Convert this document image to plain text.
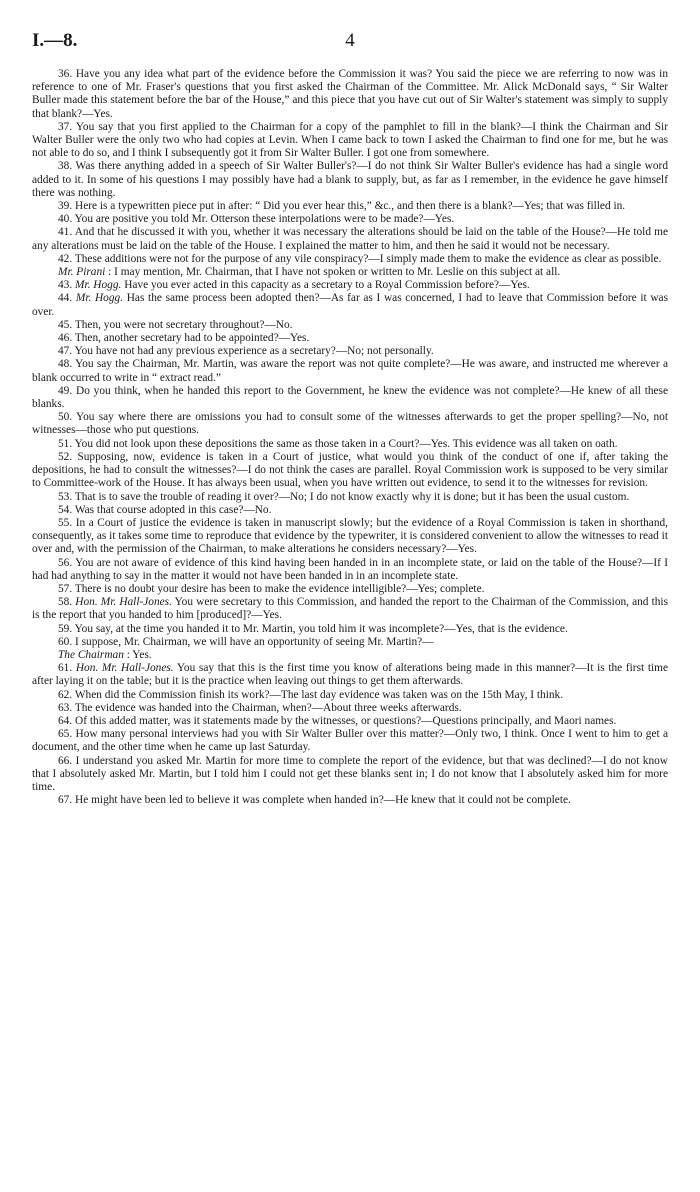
I.—8.	4

36. Have you any idea what part of the evidence before the Commission it was? You said the piece we are referring to now was in reference to one of Mr. Fraser's questions that you first asked the Chairman of the Committee. Mr. Alick McDonald says, “ Sir Walter Buller made this statement before the bar of the House,” and this piece that you have cut out of Sir Walter's statement was simply to supply that blank?—Yes.

37. You say that you first applied to the Chairman for a copy of the pamphlet to fill in the blank?—I think the Chairman and Sir Walter Buller were the only two who had copies at Levin. When I came back to town I asked the Chairman to find one for me, but he was not able to do so, and I think I subsequently got it from Sir Walter Buller. I got one from somewhere.

38. Was there anything added in a speech of Sir Walter Buller's?—I do not think Sir Walter Buller's evidence has had a single word added to it. In some of his questions I may possibly have had a blank to supply, but, as far as I remember, in the evidence he gave himself there was nothing.

39. Here is a typewritten piece put in after: “ Did you ever hear this,” &c., and then there is a blank?—Yes; that was filled in.

40. You are positive you told Mr. Otterson these interpolations were to be made?—Yes.

41. And that he discussed it with you, whether it was necessary the alterations should be laid on the table of the House?—He told me any alterations must be laid on the table of the House. I explained the matter to him, and then he said it would not be necessary.

42. These additions were not for the purpose of any vile conspiracy?—I simply made them to make the evidence as clear as possible.

Mr. Pirani : I may mention, Mr. Chairman, that I have not spoken or written to Mr. Leslie on this subject at all.

43. Mr. Hogg. Have you ever acted in this capacity as a secretary to a Royal Commission before?—Yes.

44. Mr. Hogg. Has the same process been adopted then?—As far as I was concerned, I had to leave that Commission before it was over.

45. Then, you were not secretary throughout?—No.

46. Then, another secretary had to be appointed?—Yes.

47. You have not had any previous experience as a secretary?—No; not personally.

48. You say the Chairman, Mr. Martin, was aware the report was not quite complete?—He was aware, and instructed me wherever a blank occurred to write in “ extract read.”

49. Do you think, when he handed this report to the Government, he knew the evidence was not complete?—He knew of all these blanks.

50. You say where there are omissions you had to consult some of the witnesses afterwards to get the proper spelling?—No, not witnesses—those who put questions.

51. You did not look upon these depositions the same as those taken in a Court?—Yes. This evidence was all taken on oath.

52. Supposing, now, evidence is taken in a Court of justice, what would you think of the conduct of one if, after taking the depositions, he had to consult the witnesses?—I do not think the cases are parallel. Royal Commission work is supposed to be very similar to Committee-work of the House. It has always been usual, when you have written out evidence, to send it to the witnesses for revision.

53. That is to save the trouble of reading it over?—No; I do not know exactly why it is done; but it has been the usual custom.

54. Was that course adopted in this case?—No.

55. In a Court of justice the evidence is taken in manuscript slowly; but the evidence of a Royal Commission is taken in shorthand, consequently, as it takes some time to reproduce that evidence by the typewriter, it is considered convenient to allow the witnesses to read it over and, with the permission of the Chairman, to make alterations he considers necessary?—Yes.

56. You are not aware of evidence of this kind having been handed in in an incomplete state, or laid on the table of the House?—If I had had anything to say in the matter it would not have been handed in in an incomplete state.

57. There is no doubt your desire has been to make the evidence intelligible?—Yes; complete.

58. Hon. Mr. Hall-Jones. You were secretary to this Commission, and handed the report to the Chairman of the Commission, and this is the report that you handed to him [produced]?—Yes.

59. You say, at the time you handed it to Mr. Martin, you told him it was incomplete?—Yes, that is the evidence.

60. I suppose, Mr. Chairman, we will have an opportunity of seeing Mr. Martin?—

The Chairman : Yes.

61. Hon. Mr. Hall-Jones. You say that this is the first time you know of alterations being made in this manner?—It is the first time after laying it on the table; but it is the practice when leaving out things to get them afterwards.

62. When did the Commission finish its work?—The last day evidence was taken was on the 15th May, I think.

63. The evidence was handed into the Chairman, when?—About three weeks afterwards.

64. Of this added matter, was it statements made by the witnesses, or questions?—Questions principally, and Maori names.

65. How many personal interviews had you with Sir Walter Buller over this matter?—Only two, I think. Once I went to him to get a document, and the other time when he came up last Saturday.

66. I understand you asked Mr. Martin for more time to complete the report of the evidence, but that was declined?—I do not know that I absolutely asked Mr. Martin, but I told him I could not get these blanks sent in; I do not know that I absolutely asked him for more time.

67. He might have been led to believe it was complete when handed in?—He knew that it could not be complete.
